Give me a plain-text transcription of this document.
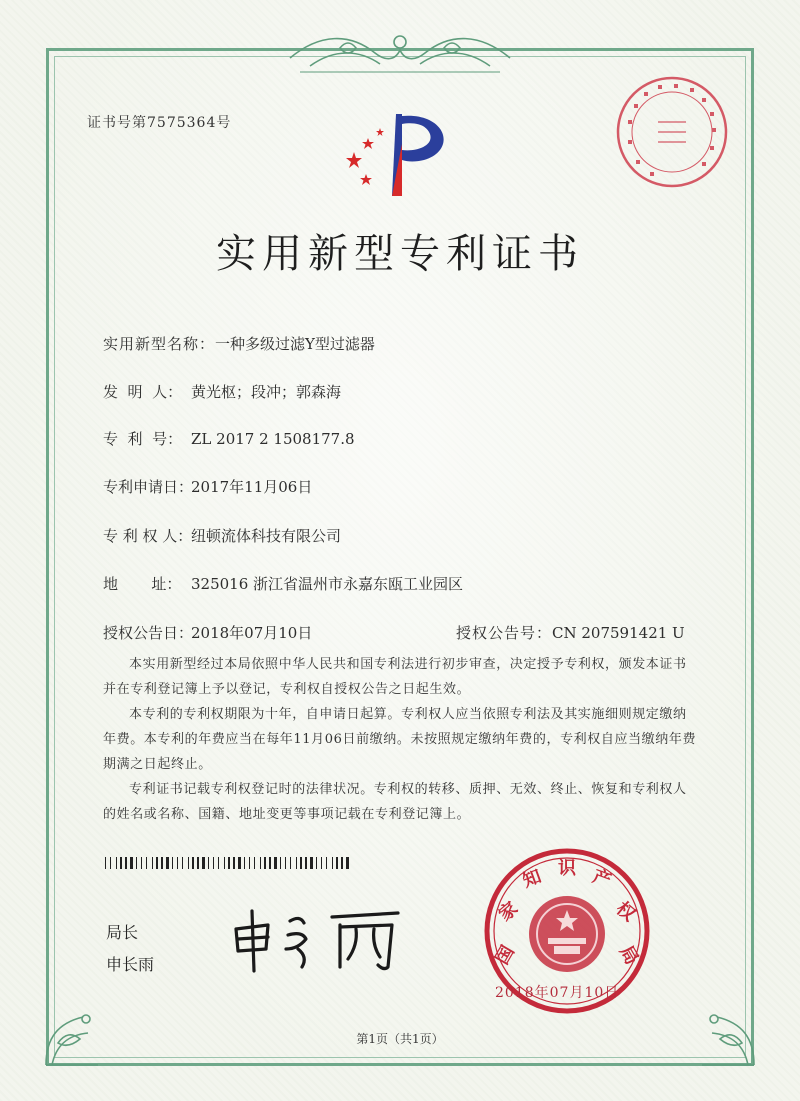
证书号第7575364号
实用新型专利证书
实用新型名称：一种多级过滤Y型过滤器
发  明  人： 黄光枢；段冲；郭森海
专  利  号： ZL 2017 2 1508177.8
专利申请日：2017年11月06日
专 利 权 人：纽顿流体科技有限公司
地       址： 325016 浙江省温州市永嘉东瓯工业园区
授权公告日：2018年07月10日	授权公告号：CN 207591421 U
本实用新型经过本局依照中华人民共和国专利法进行初步审查，决定授予专利权，颁发本证书并在专利登记簿上予以登记，专利权自授权公告之日起生效。
本专利的专利权期限为十年，自申请日起算。专利权人应当依照专利法及其实施细则规定缴纳年费。本专利的年费应当在每年11月06日前缴纳。未按照规定缴纳年费的，专利权自应当缴纳年费期满之日起终止。
专利证书记载专利权登记时的法律状况。专利权的转移、质押、无效、终止、恢复和专利权人的姓名或名称、国籍、地址变更等事项记载在专利登记簿上。
局长
申长雨	国
家
知 识 产
权
局
2018年07月10日
第1页（共1页）
